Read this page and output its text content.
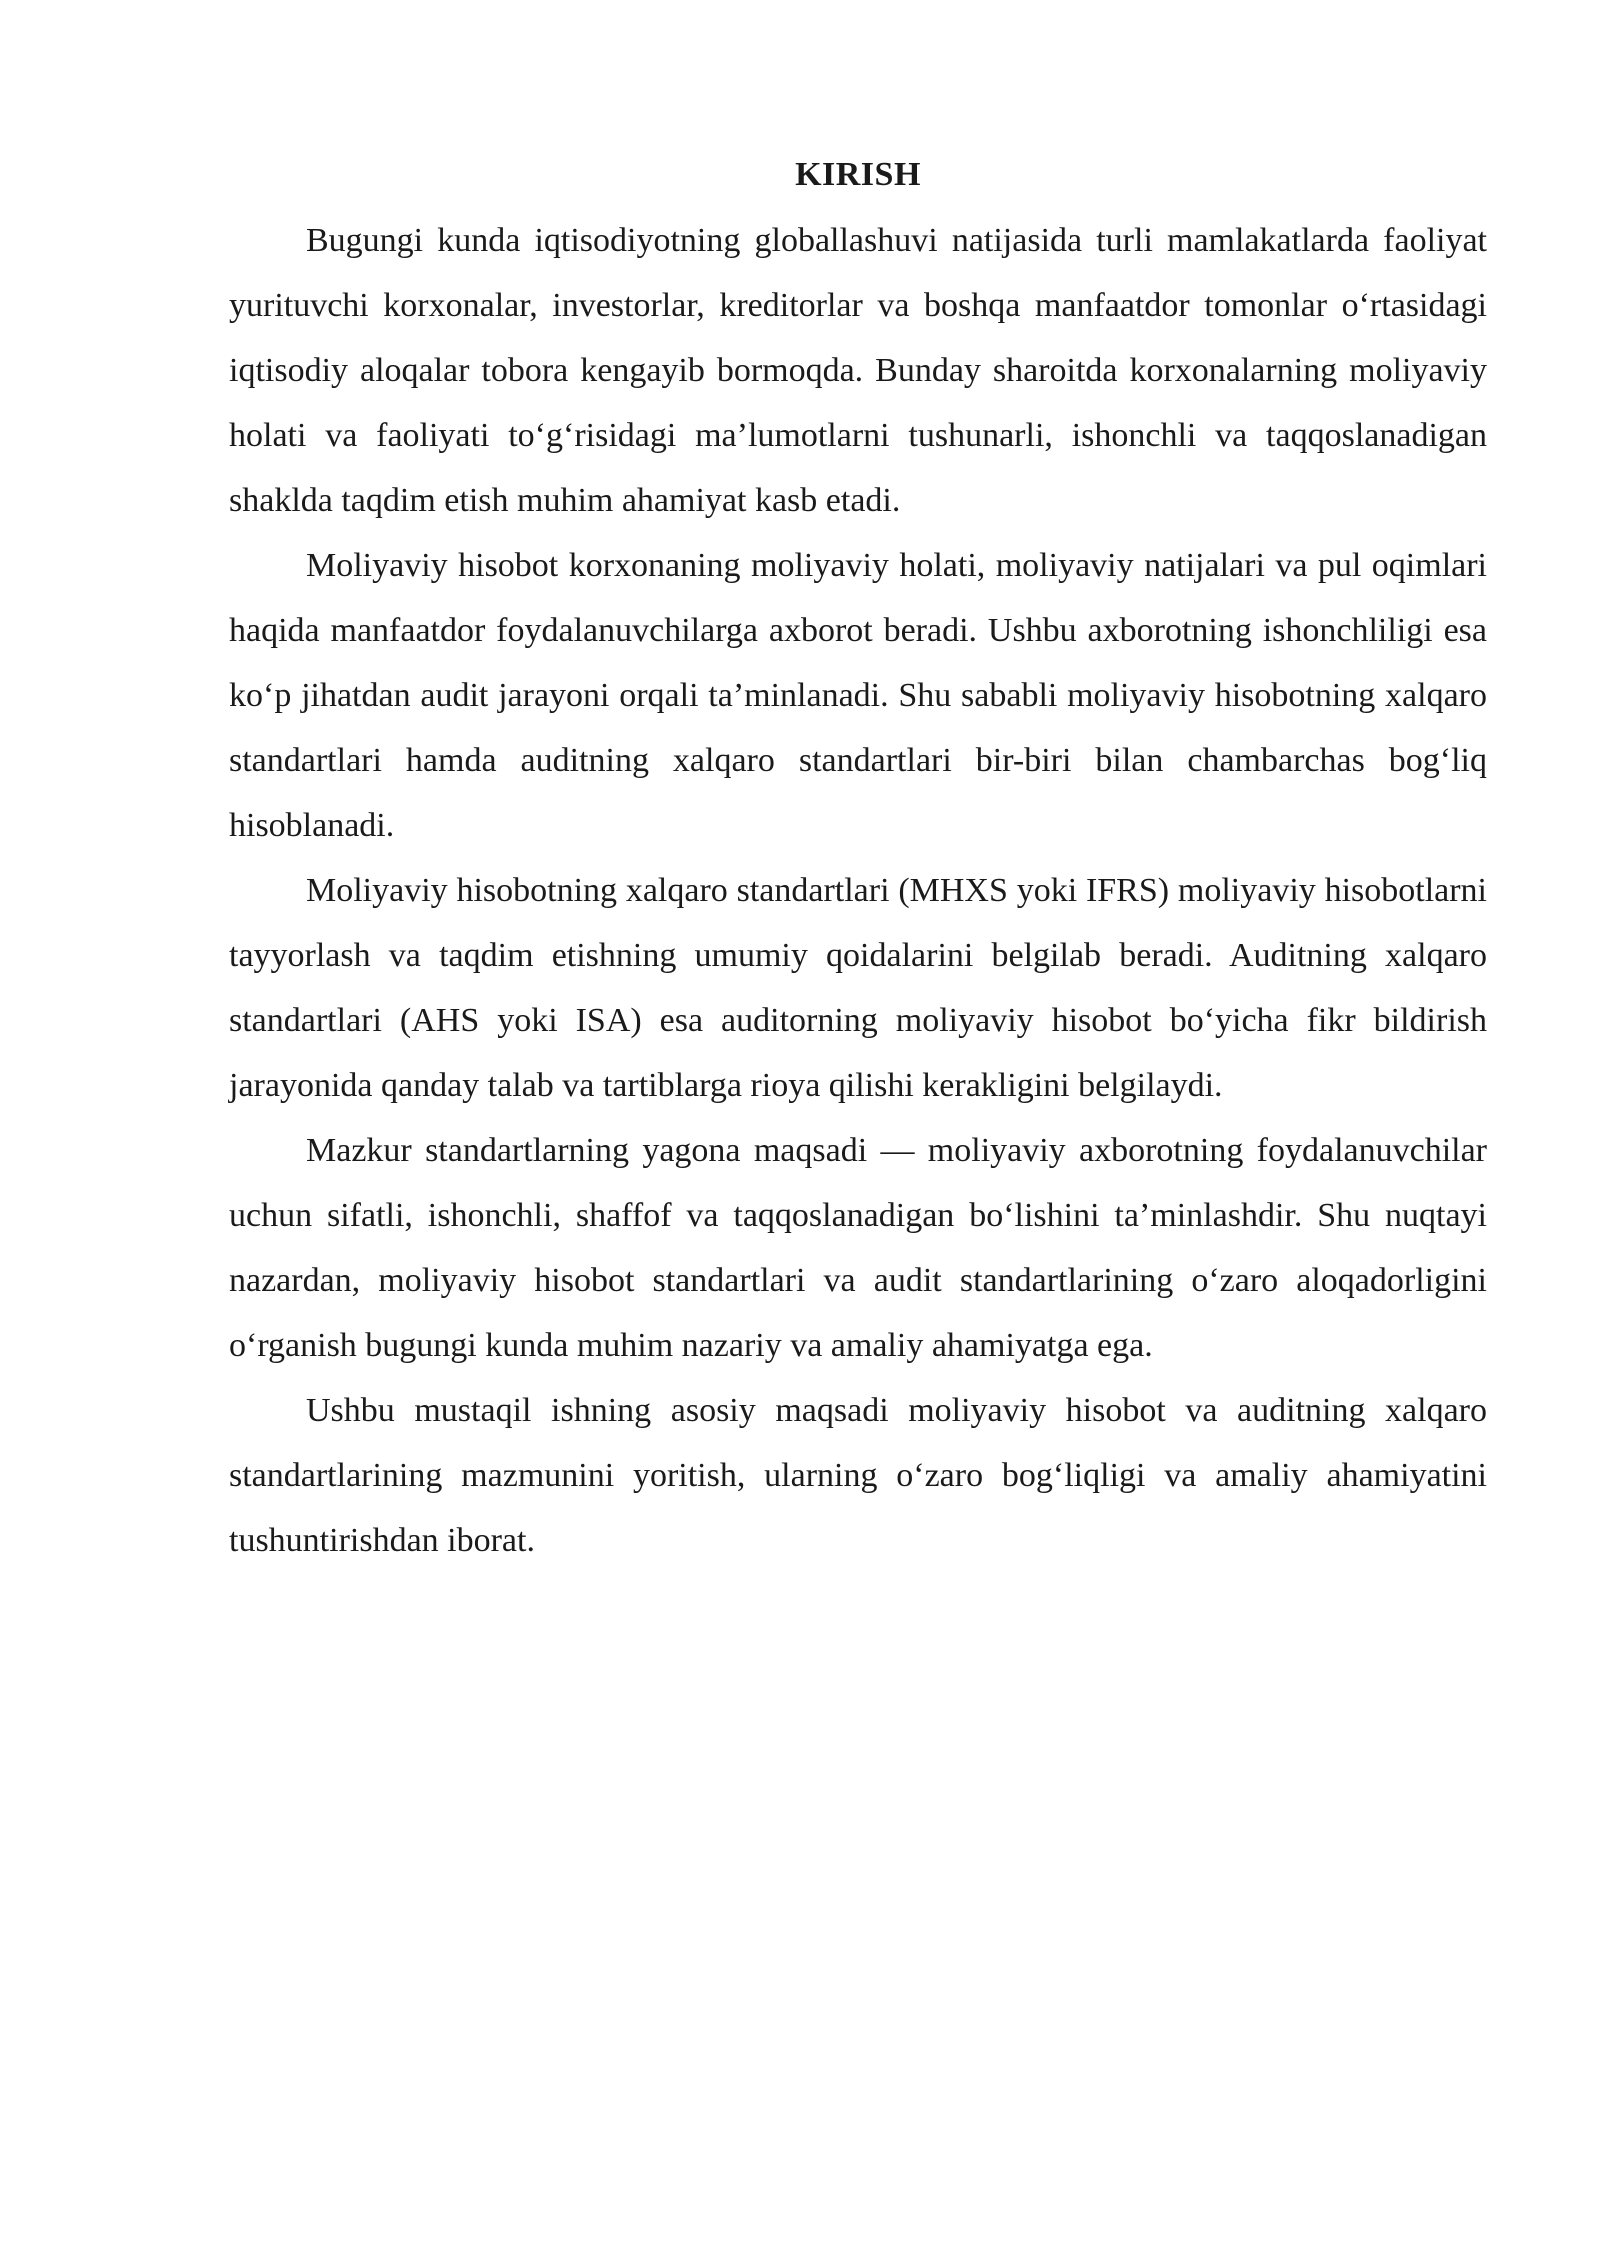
KIRISH

Bugungi kunda iqtisodiyotning globallashuvi natijasida turli mamlakatlarda faoliyat yurituvchi korxonalar, investorlar, kreditorlar va boshqa manfaatdor tomonlar o‘rtasidagi iqtisodiy aloqalar tobora kengayib bormoqda. Bunday sharoitda korxonalarning moliyaviy holati va faoliyati to‘g‘risidagi ma’lumotlarni tushunarli, ishonchli va taqqoslanadigan shaklda taqdim etish muhim ahamiyat kasb etadi.

Moliyaviy hisobot korxonaning moliyaviy holati, moliyaviy natijalari va pul oqimlari haqida manfaatdor foydalanuvchilarga axborot beradi. Ushbu axborotning ishonchliligi esa ko‘p jihatdan audit jarayoni orqali ta’minlanadi. Shu sababli moliyaviy hisobotning xalqaro standartlari hamda auditning xalqaro standartlari bir-biri bilan chambarchas bog‘liq hisoblanadi.

Moliyaviy hisobotning xalqaro standartlari (MHXS yoki IFRS) moliyaviy hisobotlarni tayyorlash va taqdim etishning umumiy qoidalarini belgilab beradi. Auditning xalqaro standartlari (AHS yoki ISA) esa auditorning moliyaviy hisobot bo‘yicha fikr bildirish jarayonida qanday talab va tartiblarga rioya qilishi kerakligini belgilaydi.

Mazkur standartlarning yagona maqsadi — moliyaviy axborotning foydalanuvchilar uchun sifatli, ishonchli, shaffof va taqqoslanadigan bo‘lishini ta’minlashdir. Shu nuqtayi nazardan, moliyaviy hisobot standartlari va audit standartlarining o‘zaro aloqadorligini o‘rganish bugungi kunda muhim nazariy va amaliy ahamiyatga ega.

Ushbu mustaqil ishning asosiy maqsadi moliyaviy hisobot va auditning xalqaro standartlarining mazmunini yoritish, ularning o‘zaro bog‘liqligi va amaliy ahamiyatini tushuntirishdan iborat.
